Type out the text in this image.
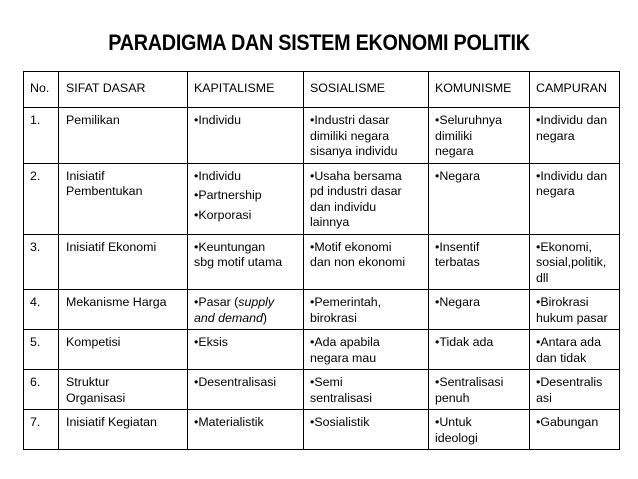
PARADIGMA DAN SISTEM EKONOMI POLITIK
No.	SIFAT DASAR	KAPITALISME	SOSIALISME	KOMUNISME	CAMPURAN
1.	Pemilikan	•Individu	•Industri dasar
dimiliki negara
sisanya individu	•Seluruhnya
dimiliki
negara	•Individu dan
negara

2.	Inisiatif
Pembentukan	•Individu
•Partnership
•Korporasi	•Usaha bersama
pd industri dasar
dan individu
lainnya	•Negara	•Individu dan
negara

3.	Inisiatif Ekonomi	•Keuntungan
sbg motif utama	•Motif ekonomi
dan non ekonomi	•Insentif
terbatas	•Ekonomi,
sosial,politik,
dll

4.	Mekanisme Harga	•Pasar (supply
and demand)	•Pemerintah,
birokrasi	•Negara	•Birokrasi
hukum pasar

5.	Kompetisi	•Eksis	•Ada apabila
negara mau	•Tidak ada	•Antara ada
dan tidak

6.	Struktur
Organisasi	•Desentralisasi	•Semi
sentralisasi	•Sentralisasi
penuh	•Desentralis
asi

7.	Inisiatif Kegiatan	•Materialistik	•Sosialistik	•Untuk
ideologi	•Gabungan
